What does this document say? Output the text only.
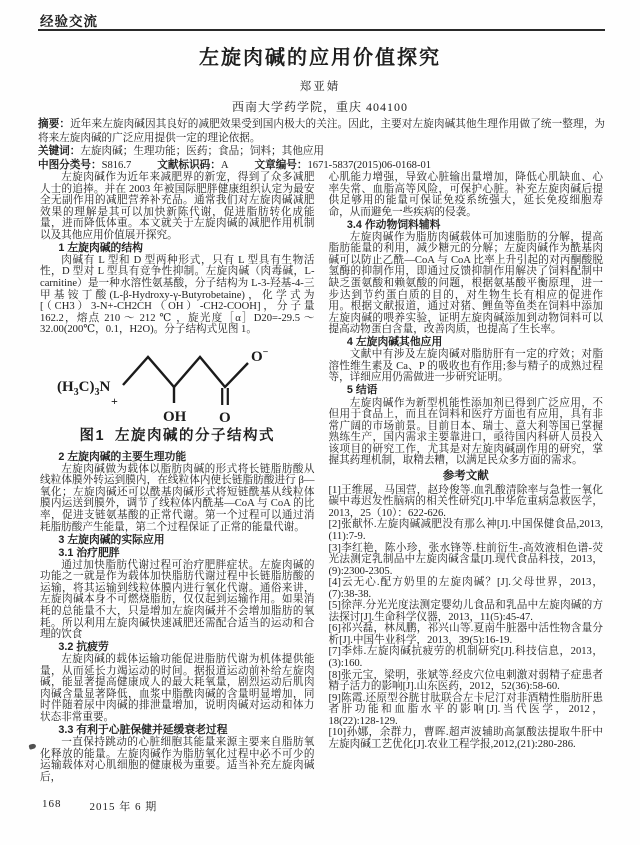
经验交流
左旋肉碱的应用价值探究

郑亚婧

西南大学药学院，重庆 404100

摘要：近年来左旋肉碱因其良好的减肥效果受到国内极大的关注。因此，主要对左旋肉碱其他生理作用做了统一整理，为将来左旋肉碱的广泛应用提供一定的理论依据。

关键词：左旋肉碱；生理功能；医药；食品；饲料；其他应用

中图分类号：S816.7 文献标识码：A 文章编号：1671-5837(2015)06-0168-01

左旋肉碱作为近年来减肥界的新宠，得到了众多减肥人士的追捧。并在 2003 年被国际肥胖健康组织认定为最安全无副作用的减肥营养补充品。通常我们对左旋肉碱减肥效果的理解是其可以加快新陈代谢，促进脂肪转化成能量，进而降低体重。本文就关于左旋肉碱的减肥作用机制以及其他应用价值展开探究。

1 左旋肉碱的结构

肉碱有 L 型和 D 型两种形式，只有 L 型具有生物活性，D 型对 L 型具有竞争性抑制。左旋肉碱（肉毒碱，L-carnitine）是一种水溶性氨基酸，分子结构为 L-3-羟基-4-三甲基铵丁酸(L-β-Hydroxy-γ-Butyrobetaine)，化学式为[（CH3）3-N+-CH2CH（OH）-CH2-COOH]，分子量 162.2，熔点 210 ～ 212 ℃ ，旋光度［α］D20=-29.5 ～ 32.00(200℃，0.1，H2O)。分子结构式见图 1。

$(H_3C)_3N$
+
OH O
O−
图1 左旋肉碱的分子结构式
2 左旋肉碱的主要生理功能

左旋肉碱做为载体以脂肪肉碱的形式将长链脂肪酸从线粒体膜外转运到膜内，在线粒体内使长链脂肪酸进行 β—氧化；左旋肉碱还可以酰基肉碱形式将短链酰基从线粒体膜内运送到膜外，调节了线粒体内酰基—CoA 与 CoA 的比率，促进支链氨基酸的正常代谢。第一个过程可以通过消耗脂肪酸产生能量，第二个过程保证了正常的能量代谢。

3 左旋肉碱的实际应用
3.1 治疗肥胖

通过加快脂肪代谢过程可治疗肥胖症状。左旋肉碱的功能之一就是作为载体加快脂肪代谢过程中长链脂肪酸的运输，将其运输到线粒体膜内进行氧化代谢。通俗来讲，左旋肉碱本身不可燃烧脂肪，仅仅起到运输作用。如果消耗的总能量不大，只是增加左旋肉碱并不会增加脂肪的氧耗。所以利用左旋肉碱快速减肥还需配合适当的运动和合理的饮食

3.2 抗疲劳

左旋肉碱的载体运输功能促进脂肪代谢为机体提供能量，从而延长力竭运动的时间。据报道运动前补给左旋肉碱，能显著提高健康成人的最大耗氧量，剧烈运动后肌肉肉碱含量显著降低，血浆中脂酰肉碱的含量明显增加，同时伴随着尿中肉碱的排泄量增加，说明肉碱对运动和体力状态非常重要。

3.3 有利于心脏保健并延缓衰老过程

一直保持跳动的心脏细胞其能量来源主要来自脂肪氧化释放的能量。左旋肉碱作为脂肪氧化过程中必不可少的运输载体对心肌细胞的健康极为重要。适当补充左旋肉碱后，

心肌能力增强，导致心脏输出量增加，降低心肌缺血、心率失常、血脂高等风险，可保护心脏。补充左旋肉碱后提供足够用的能量可保证免疫系统强大，延长免疫细胞寿命，从而避免一些疾病的侵袭。

3.4 作动物饲料辅料

左旋肉碱作为脂肪肉碱载体可加速脂肪的分解，提高脂肪能量的利用，减少糖元的分解；左旋肉碱作为酰基肉碱可以防止乙酰—CoA 与 CoA 比率上升引起的对丙酮酸脱氢酶的抑制作用，即通过反馈抑制作用解决了饲料配制中缺乏蛋氨酸和赖氨酸的问题，根据氨基酸平衡原理，进一步达到节约蛋白质的目的，对生物生长有相应的促进作用。根据文献报道，通过对猪、鲤鱼等鱼类在饲料中添加左旋肉碱的喂养实验，证明左旋肉碱添加到动物饲料可以提高动物蛋白含量，改善肉质，也提高了生长率。

4 左旋肉碱其他应用

文献中有涉及左旋肉碱对脂肪肝有一定的疗效；对脂溶性维生素及 Ca、P 的吸收也有作用;参与精子的成熟过程等，详细应用仍需做进一步研究证明。

5 结语

左旋肉碱作为新型机能性添加剂已得到广泛应用，不但用于食品上，而且在饲料和医疗方面也有应用，具有非常广阔的市场前景。目前日本、瑞士、意大利等国已掌握熟练生产，国内需求主要靠进口，亟待国内科研人员投入该项目的研究工作，尤其是对左旋肉碱副作用的研究，掌握其药理机制，取精去糟，以满足民众多方面的需求。

参考文献

[1]王维展，马国营，赵玲俊等.血乳酸清除率与急性一氧化碳中毒迟发性脑病的相关性研究[J].中华危重病急救医学，2013，25（10）：622-626.

[2]张献怀.左旋肉碱减肥没有那么神[J].中国保健食品,2013,(11):7-9.

[3]李红艳，陈小珍，张水锋等.柱前衍生-高效液相色谱-荧光法测定乳制品中左旋肉碱含量[J].现代食品科技，2013，(9):2300-2305.

[4]云无心.配方奶里的左旋肉碱？[J].父母世界，2013，(7):38-38.

[5]徐萍.分光光度法测定婴幼儿食品和乳品中左旋肉碱的方法探讨[J].生命科学仪器，2013，11(5):45-47.

[6]祁兴磊，林凤鹏，祁兴山等.夏南牛脏器中活性物含量分析[J].中国牛业科学，2013，39(5):16-19.

[7]李炜.左旋肉碱抗疲劳的机制研究[J].科技信息，2013，(3):160.

[8]张元宝，梁明，张斌等.经皮穴位电刺激对弱精子症患者精子活力的影响[J].山东医药，2012，52(36):58-60.

[9]陈霞.还原型谷胱甘肽联合左卡尼汀对非酒精性脂肪肝患者肝功能和血脂水平的影响[J].当代医学，2012，18(22):128-129.

[10]孙娜，余群力，曹晖.超声波辅助高氯酸法提取牛肝中左旋肉碱工艺优化[J].农业工程学报,2012,(21):280-286.

168	2015 年 6 期
